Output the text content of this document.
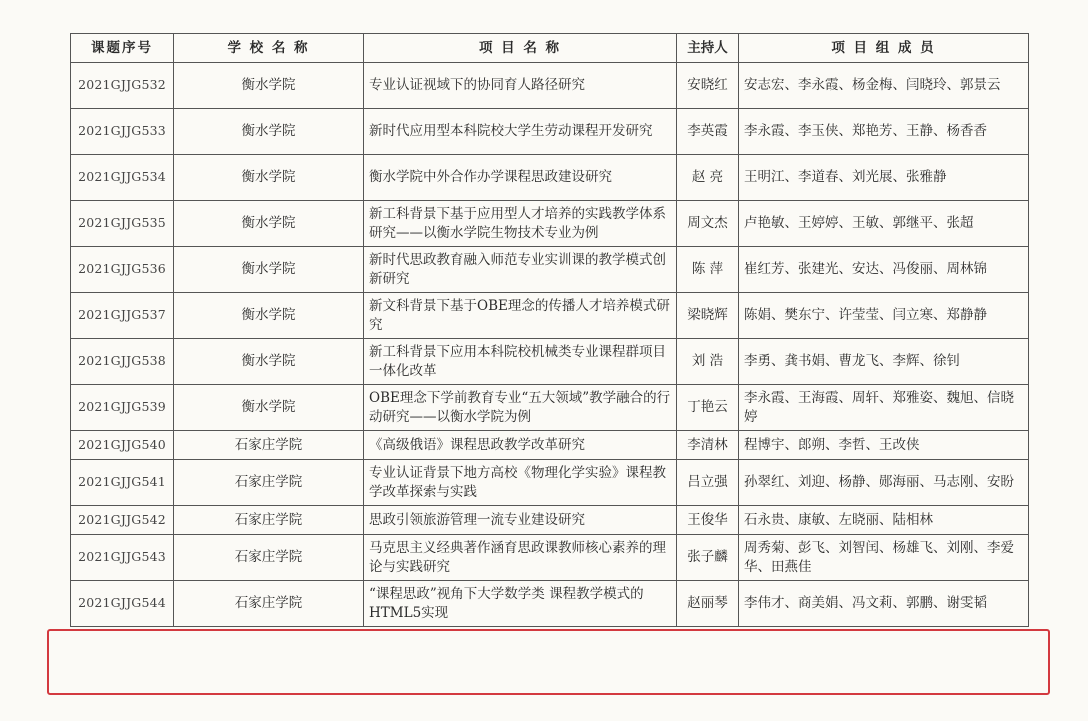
课题序号	学 校 名 称	项 目 名 称	主持人	项 目 组 成 员
2021GJJG532	衡水学院	专业认证视域下的协同育人路径研究	安晓红	安志宏、李永霞、杨金梅、闫晓玲、郭景云
2021GJJG533	衡水学院	新时代应用型本科院校大学生劳动课程开发研究	李英霞	李永霞、李玉侠、郑艳芳、王静、杨香香
2021GJJG534	衡水学院	衡水学院中外合作办学课程思政建设研究	赵 亮	王明江、李道春、刘光展、张雅静
2021GJJG535	衡水学院	新工科背景下基于应用型人才培养的实践教学体系研究——以衡水学院生物技术专业为例	周文杰	卢艳敏、王婷婷、王敏、郭继平、张超
2021GJJG536	衡水学院	新时代思政教育融入师范专业实训课的教学模式创新研究	陈 萍	崔红芳、张建光、安达、冯俊丽、周林锦
2021GJJG537	衡水学院	新文科背景下基于OBE理念的传播人才培养模式研究	梁晓辉	陈娟、樊东宁、许莹莹、闫立寒、郑静静
2021GJJG538	衡水学院	新工科背景下应用本科院校机械类专业课程群项目一体化改革	刘 浩	李勇、龚书娟、曹龙飞、李辉、徐钊
2021GJJG539	衡水学院	OBE理念下学前教育专业“五大领域”教学融合的行动研究——以衡水学院为例	丁艳云	李永霞、王海霞、周轩、郑雅姿、魏旭、信晓婷
2021GJJG540	石家庄学院	《高级俄语》课程思政教学改革研究	李清林	程博宇、郎朔、李哲、王改侠
2021GJJG541	石家庄学院	专业认证背景下地方高校《物理化学实验》课程教学改革探索与实践	吕立强	孙翠红、刘迎、杨静、郧海丽、马志刚、安盼
2021GJJG542	石家庄学院	思政引领旅游管理一流专业建设研究	王俊华	石永贵、康敏、左晓丽、陆相林
2021GJJG543	石家庄学院	马克思主义经典著作涵育思政课教师核心素养的理论与实践研究	张子麟	周秀菊、彭飞、刘智闰、杨雄飞、刘刚、李爱华、田燕佳
2021GJJG544	石家庄学院	“课程思政”视角下大学数学类 课程教学模式的HTML5实现	赵丽琴	李伟才、商美娟、冯文莉、郭鹏、谢雯韬
